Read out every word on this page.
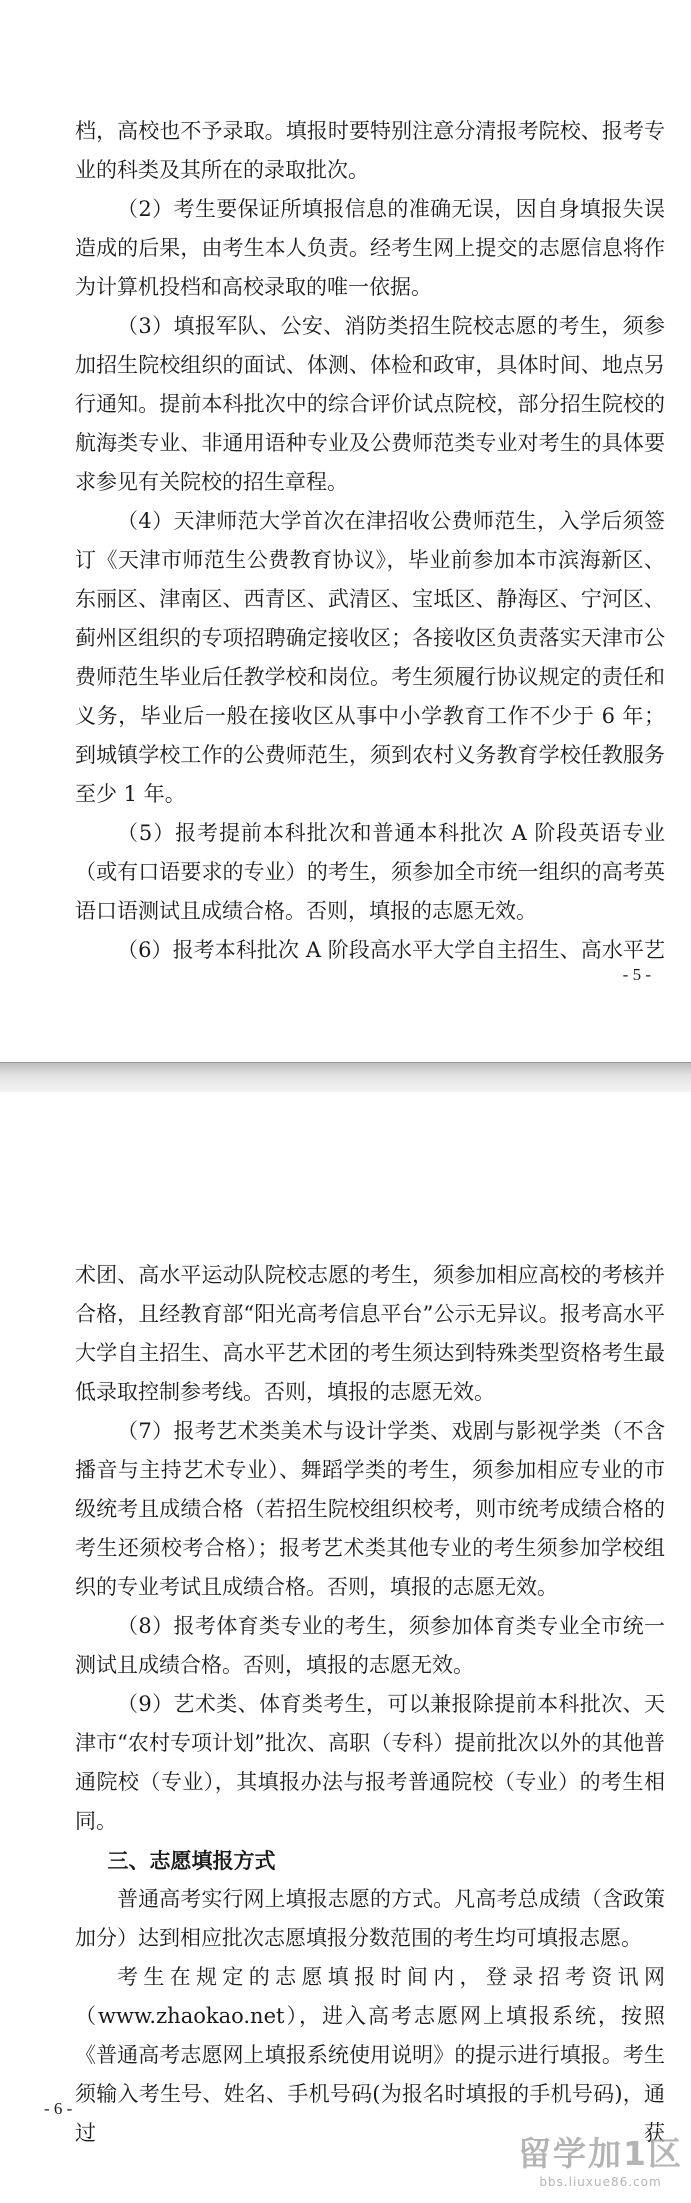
档，高校也不予录取。填报时要特别注意分清报考院校、报考专业的科类及其所在的录取批次。

（2）考生要保证所填报信息的准确无误，因自身填报失误造成的后果，由考生本人负责。经考生网上提交的志愿信息将作为计算机投档和高校录取的唯一依据。

（3）填报军队、公安、消防类招生院校志愿的考生，须参加招生院校组织的面试、体测、体检和政审，具体时间、地点另行通知。提前本科批次中的综合评价试点院校，部分招生院校的航海类专业、非通用语种专业及公费师范类专业对考生的具体要求参见有关院校的招生章程。

（4）天津师范大学首次在津招收公费师范生，入学后须签订《天津市师范生公费教育协议》，毕业前参加本市滨海新区、东丽区、津南区、西青区、武清区、宝坻区、静海区、宁河区、蓟州区组织的专项招聘确定接收区；各接收区负责落实天津市公费师范生毕业后任教学校和岗位。考生须履行协议规定的责任和义务，毕业后一般在接收区从事中小学教育工作不少于 6 年；到城镇学校工作的公费师范生，须到农村义务教育学校任教服务至少 1 年。

（5）报考提前本科批次和普通本科批次 A 阶段英语专业（或有口语要求的专业）的考生，须参加全市统一组织的高考英语口语测试且成绩合格。否则，填报的志愿无效。

（6）报考本科批次 A 阶段高水平大学自主招生、高水平艺

- 5 -

术团、高水平运动队院校志愿的考生，须参加相应高校的考核并合格，且经教育部“阳光高考信息平台”公示无异议。报考高水平大学自主招生、高水平艺术团的考生须达到特殊类型资格考生最低录取控制参考线。否则，填报的志愿无效。

（7）报考艺术类美术与设计学类、戏剧与影视学类（不含播音与主持艺术专业）、舞蹈学类的考生，须参加相应专业的市级统考且成绩合格（若招生院校组织校考，则市统考成绩合格的考生还须校考合格）；报考艺术类其他专业的考生须参加学校组织的专业考试且成绩合格。否则，填报的志愿无效。

（8）报考体育类专业的考生，须参加体育类专业全市统一测试且成绩合格。否则，填报的志愿无效。

（9）艺术类、体育类考生，可以兼报除提前本科批次、天津市“农村专项计划”批次、高职（专科）提前批次以外的其他普通院校（专业），其填报办法与报考普通院校（专业）的考生相同。

三、志愿填报方式

普通高考实行网上填报志愿的方式。凡高考总成绩（含政策加分）达到相应批次志愿填报分数范围的考生均可填报志愿。

考生在规定的志愿填报时间内，登录招考资讯网（www.zhaokao.net），进入高考志愿网上填报系统，按照《普通高考志愿网上填报系统使用说明》的提示进行填报。考生须输入考生号、姓名、手机号码(为报名时填报的手机号码)，通过获

- 6 -
留学加1区
bbs.liuxue86.com
